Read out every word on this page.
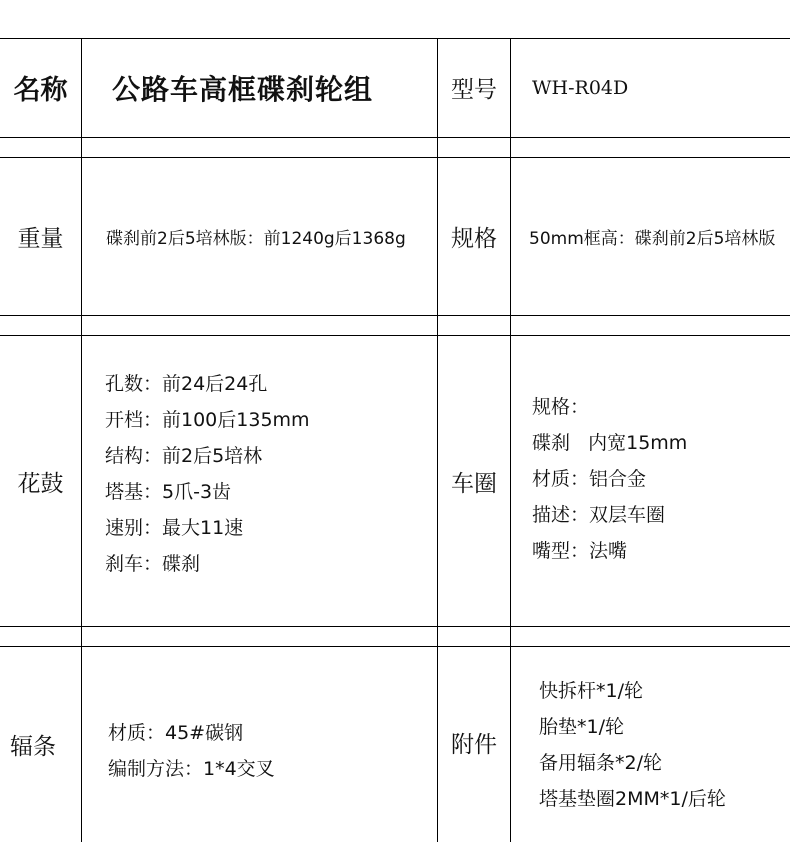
名称 公路车高框碟刹轮组	型号 WH-R04D
重量	碟刹前2后5培林版：前1240g后1368g 规格 50mm框高：碟刹前2后5培林版
花鼓
孔数：前24后24孔
开档：前100后135mm
结构：前2后5培林
塔基：5爪-3齿
速别：最大11速
刹车：碟刹
车圈
规格：
碟刹   内宽15mm
材质：铝合金
描述：双层车圈
嘴型：法嘴
辐条
材质：45#碳钢
编制方法：1*4交叉
附件
快拆杆*1/轮
胎垫*1/轮
备用辐条*2/轮
塔基垫圈2MM*1/后轮
